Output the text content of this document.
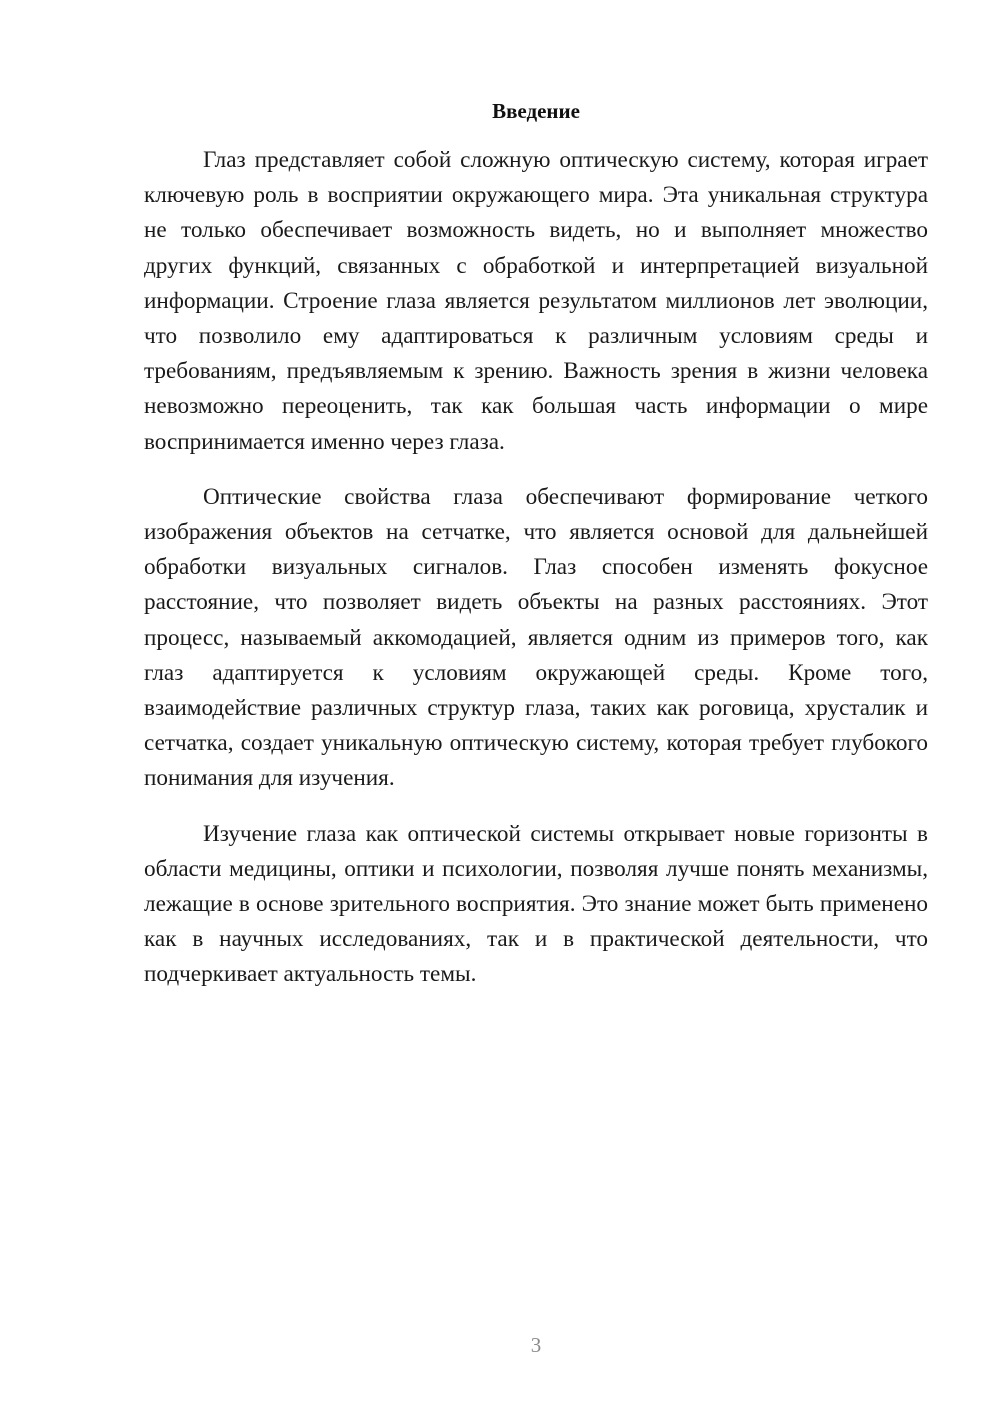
Введение

Глаз представляет собой сложную оптическую систему, которая играет ключевую роль в восприятии окружающего мира. Эта уникальная структура не только обеспечивает возможность видеть, но и выполняет множество других функций, связанных с обработкой и интерпретацией визуальной информации. Строение глаза является результатом миллионов лет эволюции, что позволило ему адаптироваться к различным условиям среды и требованиям, предъявляемым к зрению. Важность зрения в жизни человека невозможно переоценить, так как большая часть информации о мире воспринимается именно через глаза.

Оптические свойства глаза обеспечивают формирование четкого изображения объектов на сетчатке, что является основой для дальнейшей обработки визуальных сигналов. Глаз способен изменять фокусное расстояние, что позволяет видеть объекты на разных расстояниях. Этот процесс, называемый аккомодацией, является одним из примеров того, как глаз адаптируется к условиям окружающей среды. Кроме того, взаимодействие различных структур глаза, таких как роговица, хрусталик и сетчатка, создает уникальную оптическую систему, которая требует глубокого понимания для изучения.

Изучение глаза как оптической системы открывает новые горизонты в области медицины, оптики и психологии, позволяя лучше понять механизмы, лежащие в основе зрительного восприятия. Это знание может быть применено как в научных исследованиях, так и в практической деятельности, что подчеркивает актуальность темы.

3
